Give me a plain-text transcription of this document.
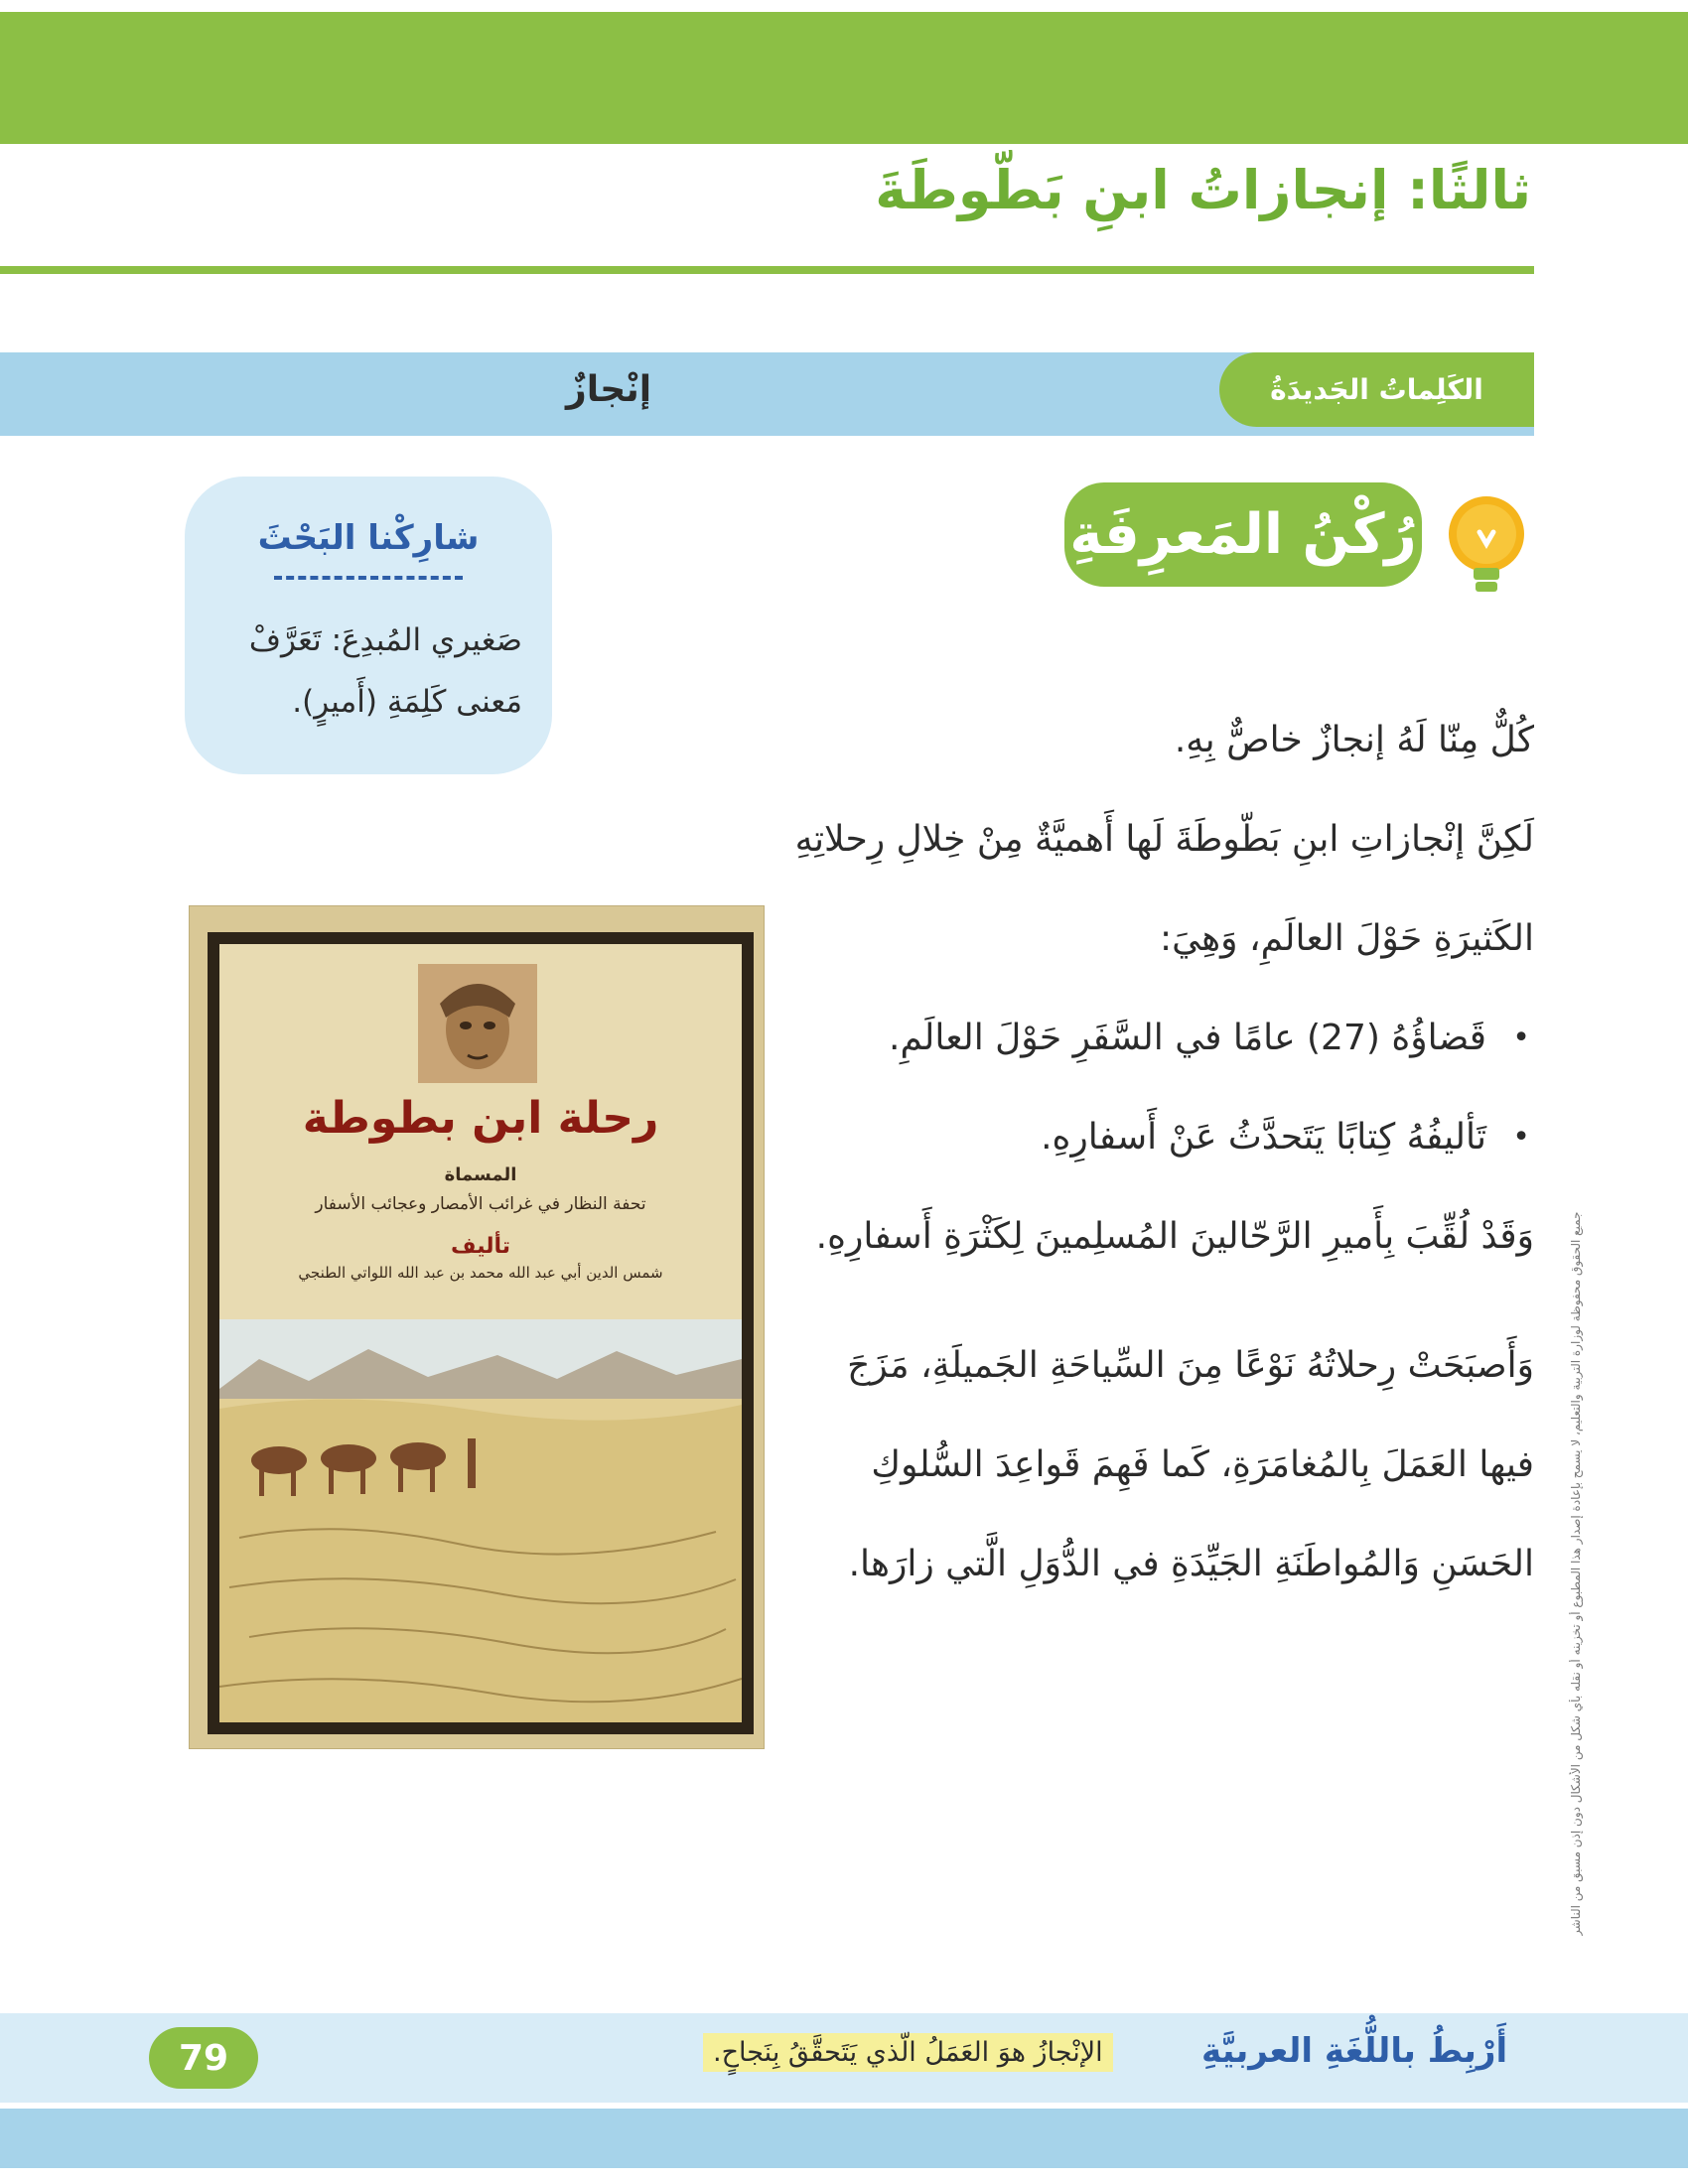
ثالثًا: إنجازاتُ ابنِ بَطّوطَةَ
الكَلِماتُ الجَديدَةُ
إنْجازٌ
رُكْنُ المَعرِفَةِ
شارِكْنا البَحْثَ
صَغيري المُبدِعَ: تَعَرَّفْ مَعنى كَلِمَةِ (أَميرٍ).

كُلٌّ مِنّا لَهُ إنجازٌ خاصٌّ بِهِ.

لَكِنَّ إنْجازاتِ ابنِ بَطّوطَةَ لَها أَهميَّةٌ مِنْ خِلالِ رِحلاتِهِ الكَثيرَةِ حَوْلَ العالَمِ، وَهِيَ:

• قَضاؤُهُ (27) عامًا في السَّفَرِ حَوْلَ العالَمِ.
• تَأليفُهُ كِتابًا يَتَحدَّثُ عَنْ أَسفارِهِ.

وَقَدْ لُقِّبَ بِأَميرِ الرَّحّالينَ المُسلِمينَ لِكَثْرَةِ أَسفارِهِ.

وَأَصبَحَتْ رِحلاتُهُ نَوْعًا مِنَ السِّياحَةِ الجَميلَةِ، مَزَجَ فيها العَمَلَ بِالمُغامَرَةِ، كَما فَهِمَ قَواعِدَ السُّلوكِ الحَسَنِ وَالمُواطَنَةِ الجَيِّدَةِ في الدُّوَلِ الَّتي زارَها.

رحلة ابن بطوطة
المسماة
تحفة النظار في غرائب الأمصار وعجائب الأسفار
تأليف
شمس الدين أبي عبد الله محمد بن عبد الله اللواتي الطنجي	جميع الحقوق محفوظة لوزارة التربية والتعليم، لا يسمح بإعادة إصدار هذا المطبوع أو تخزينه أو نقله بأي شكل من الأشكال دون إذن مسبق من الناشر
79	أَرْبِطُ باللُّغَةِ العربيَّةِ
الإنْجازُ هوَ العَمَلُ الّذي يَتَحقَّقُ بِنَجاحٍ.
